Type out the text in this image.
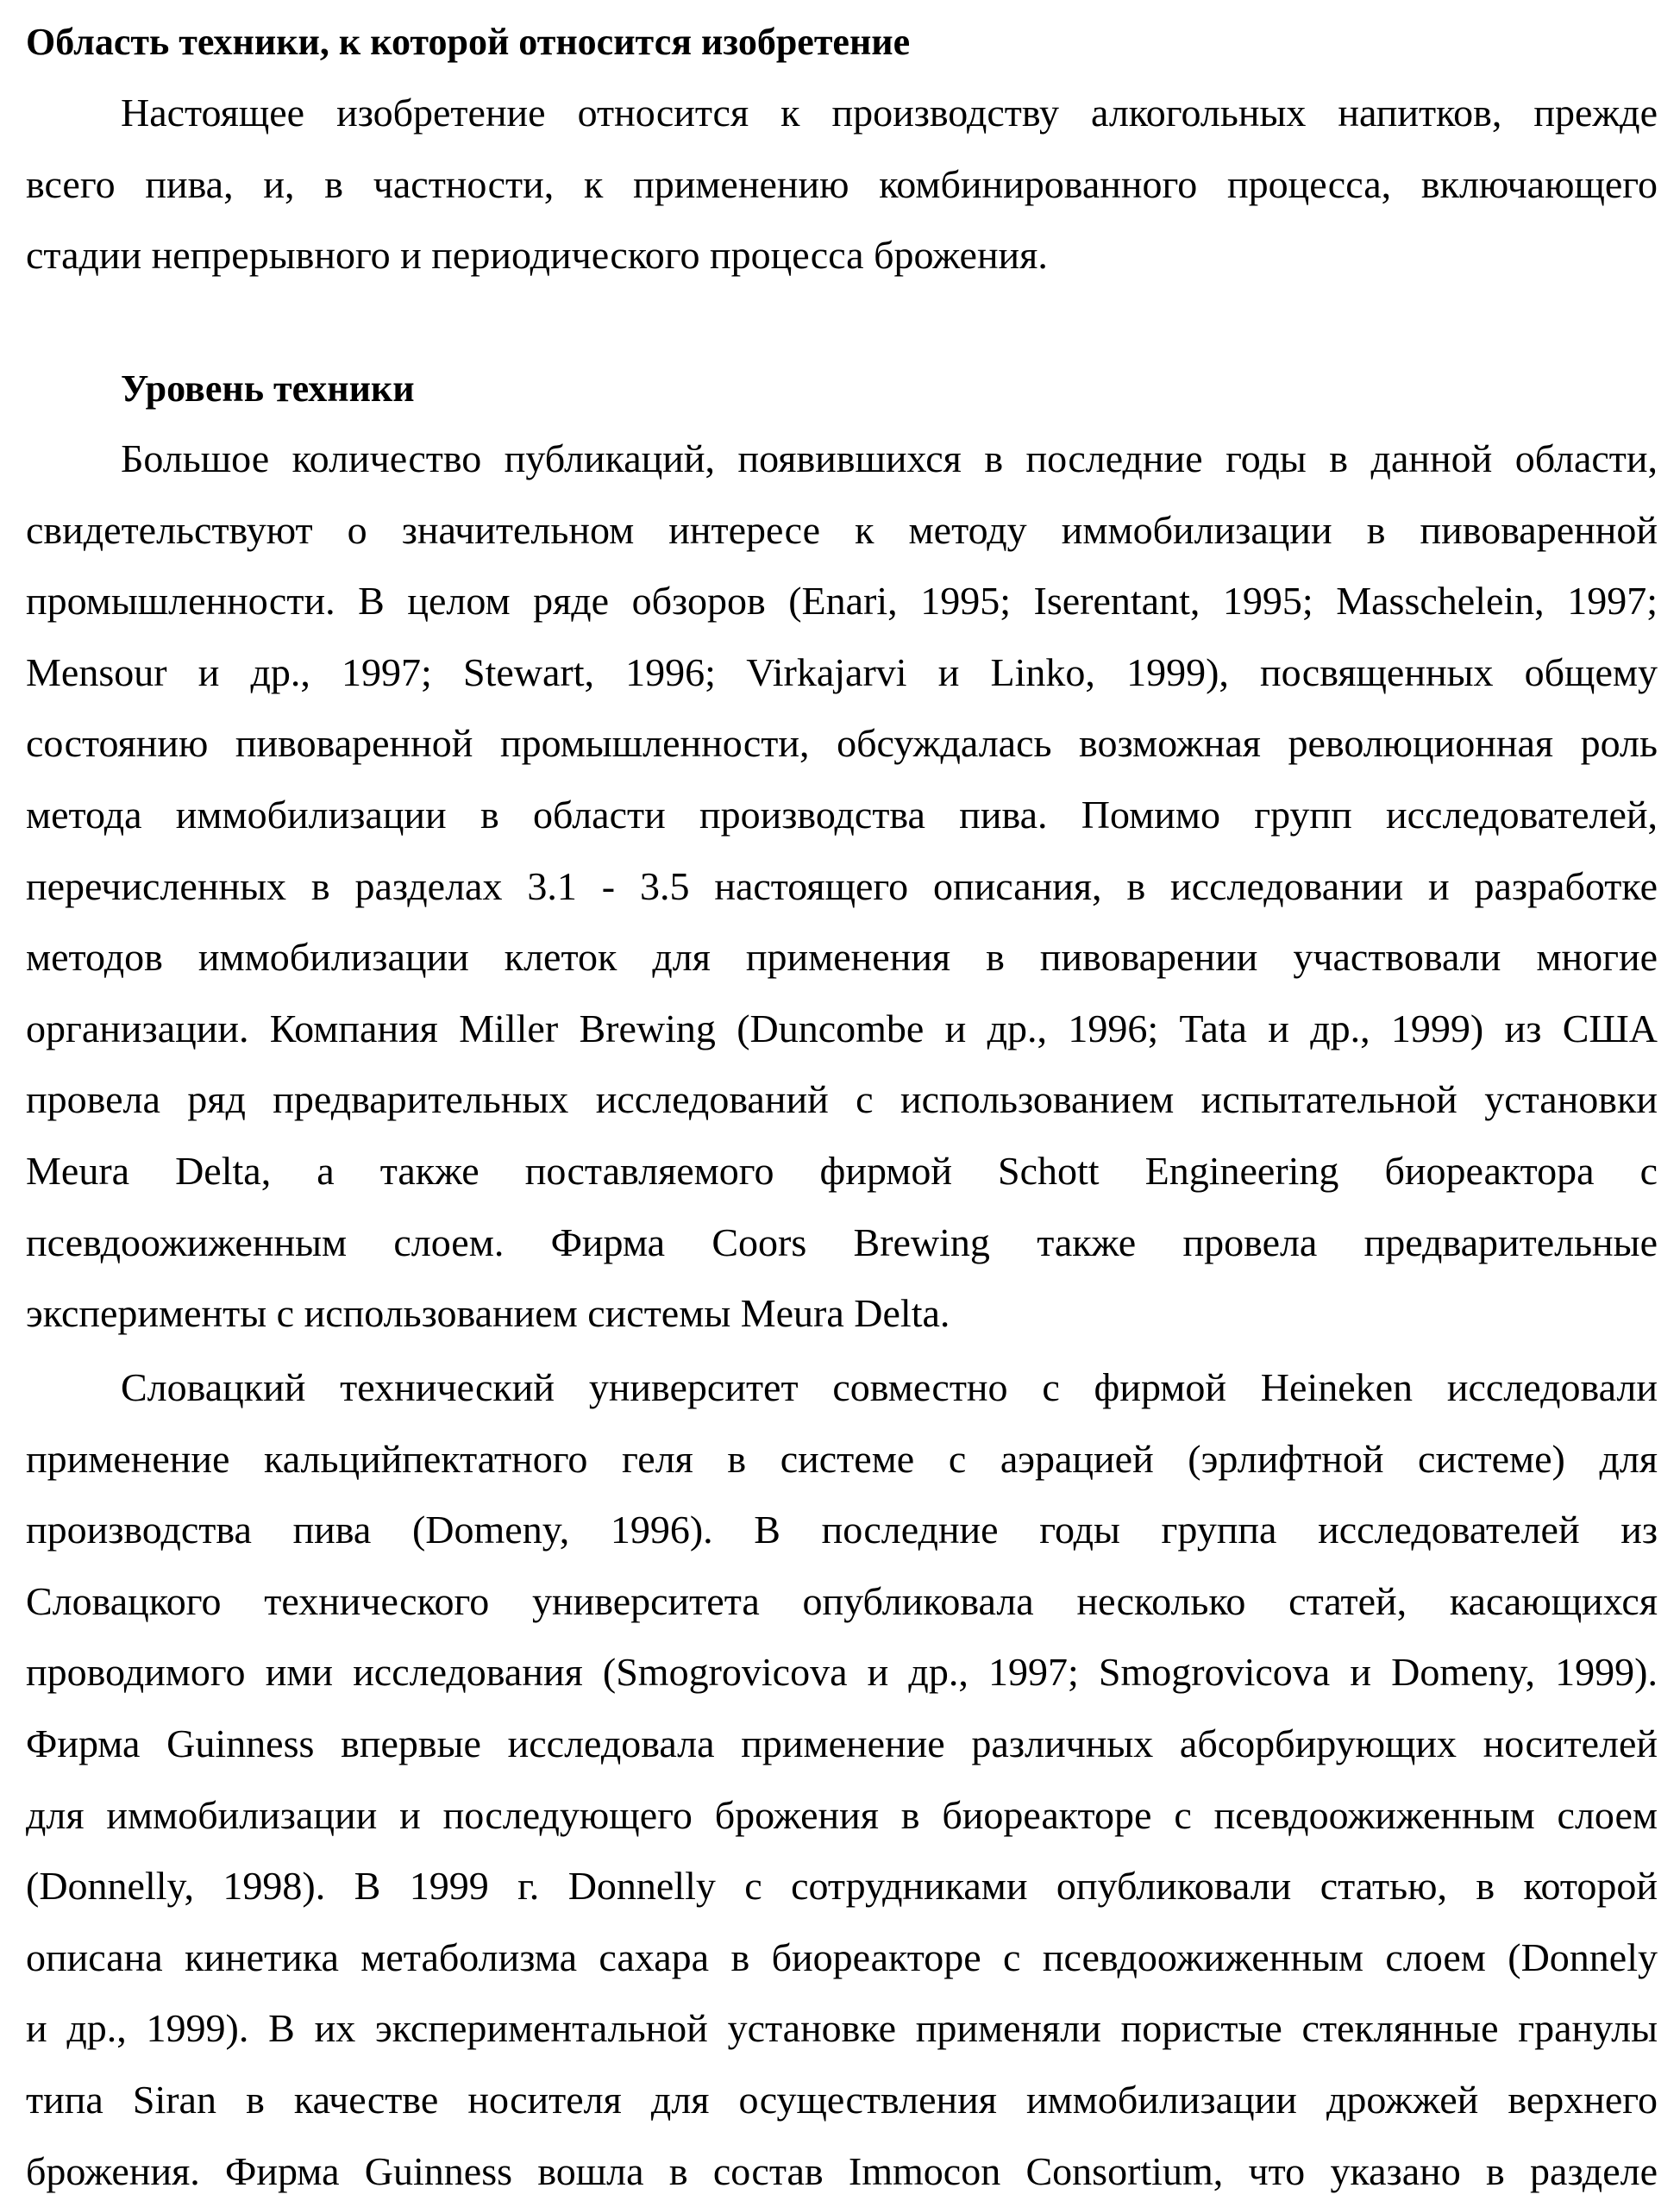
Область техники, к которой относится изобретение
Настоящее изобретение относится к производству алкогольных напитков, прежде
всего пива, и, в частности, к применению комбинированного процесса, включающего
стадии непрерывного и периодического процесса брожения.
Уровень техники
Большое количество публикаций, появившихся в последние годы в данной области,
свидетельствуют о значительном интересе к методу иммобилизации в пивоваренной
промышленности. В целом ряде обзоров (Enari, 1995; Iserentant, 1995; Masschelein, 1997;
Mensour и др., 1997; Stewart, 1996; Virkajarvi и Linko, 1999), посвященных общему
состоянию пивоваренной промышленности, обсуждалась возможная революционная роль
метода иммобилизации в области производства пива. Помимо групп исследователей,
перечисленных в разделах 3.1 - 3.5 настоящего описания, в исследовании и разработке
методов иммобилизации клеток для применения в пивоварении участвовали многие
организации. Компания Miller Brewing (Duncombe и др., 1996; Tata и др., 1999) из США
провела ряд предварительных исследований с использованием испытательной установки
Meura Delta, а также поставляемого фирмой Schott Engineering биореактора с
псевдоожиженным слоем. Фирма Coors Brewing также провела предварительные
эксперименты с использованием системы Meura Delta.
Словацкий технический университет совместно с фирмой Heineken исследовали
применение кальцийпектатного геля в системе с аэрацией (эрлифтной системе) для
производства пива (Domeny, 1996). В последние годы группа исследователей из
Словацкого технического университета опубликовала несколько статей, касающихся
проводимого ими исследования (Smogrovicova и др., 1997; Smogrovicova и Domeny, 1999).
Фирма Guinness впервые исследовала применение различных абсорбирующих носителей
для иммобилизации и последующего брожения в биореакторе с псевдоожиженным слоем
(Donnelly, 1998). В 1999 г. Donnelly с сотрудниками опубликовали статью, в которой
описана кинетика метаболизма сахара в биореакторе с псевдоожиженным слоем (Donnely
и др., 1999). В их экспериментальной установке применяли пористые стеклянные гранулы
типа Siran в качестве носителя для осуществления иммобилизации дрожжей верхнего
брожения. Фирма Guinness вошла в состав Immocon Consortium, что указано в разделе
